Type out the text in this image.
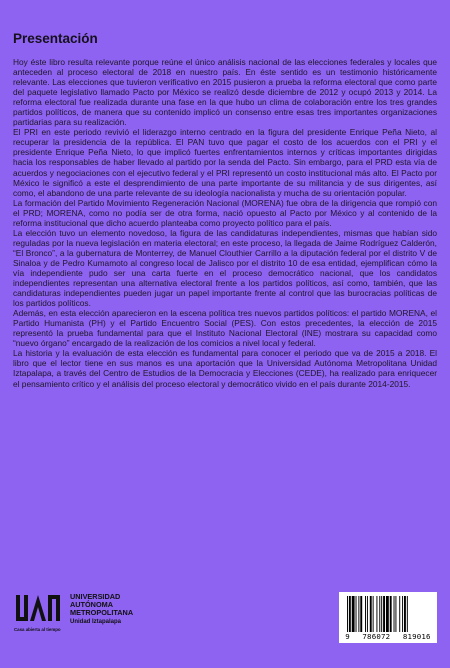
Presentación

Hoy éste libro resulta relevante porque reúne el único análisis nacional de las elecciones federales y locales que anteceden al proceso electoral de 2018 en nuestro país. En éste sentido es un testimonio históricamente relevante. Las elecciones que tuvieron verificativo en 2015 pusieron a prueba la reforma electoral que como parte del paquete legislativo llamado Pacto por México se realizó desde diciembre de 2012 y ocupó 2013 y 2014. La reforma electoral fue realizada durante una fase en la que hubo un clima de colaboración entre los tres grandes partidos políticos, de manera que su contenido implicó un consenso entre esas tres importantes organizaciones partidarias para su realización.

El PRI en este periodo revivió el liderazgo interno centrado en la figura del presidente Enrique Peña Nieto, al recuperar la presidencia de la república. El PAN tuvo que pagar el costo de los acuerdos con el PRI y el presidente Enrique Peña Nieto, lo que implicó fuertes enfrentamientos internos y críticas importantes dirigidas hacia los responsables de haber llevado al partido por la senda del Pacto. Sin embargo, para el PRD esta vía de acuerdos y negociaciones con el ejecutivo federal y el PRI representó un costo institucional más alto. El Pacto por México le significó a este el desprendimiento de una parte importante de su militancia y de sus dirigentes, así como, el abandono de una parte relevante de su ideología nacionalista y mucha de su orientación popular.

La formación del Partido Movimiento Regeneración Nacional (MORENA) fue obra de la dirigencia que rompió con el PRD; MORENA, como no podía ser de otra forma, nació opuesto al Pacto por México y al contenido de la reforma institucional que dicho acuerdo planteaba como proyecto político para el país.

La elección tuvo un elemento novedoso, la figura de las candidaturas independientes, mismas que habían sido reguladas por la nueva legislación en materia electoral; en este proceso, la llegada de Jaime Rodríguez Calderón, “El Bronco”, a la gubernatura de Monterrey, de Manuel Clouthier Carrillo a la diputación federal por el distrito V de Sinaloa y de Pedro Kumamoto al congreso local de Jalisco por el distrito 10 de esa entidad, ejemplifican cómo la vía independiente pudo ser una carta fuerte en el proceso democrático nacional, que los candidatos independientes representan una alternativa electoral frente a los partidos políticos, así como, también, que las candidaturas independientes pueden jugar un papel importante frente al control que las burocracias políticas de los partidos políticos.

Además, en esta elección aparecieron en la escena política tres nuevos partidos políticos: el partido MORENA, el Partido Humanista (PH) y el Partido Encuentro Social (PES). Con estos precedentes, la elección de 2015 representó la prueba fundamental para que el Instituto Nacional Electoral (INE) mostrara su capacidad como “nuevo órgano” encargado de la realización de los comicios a nivel local y federal.

La historia y la evaluación de esta elección es fundamental para conocer el periodo que va de 2015 a 2018. El libro que el lector tiene en sus manos es una aportación que la Universidad Autónoma Metropolitana Unidad Iztapalapa, a través del Centro de Estudios de la Democracia y Elecciones (CEDE), ha realizado para enriquecer el pensamiento crítico y el análisis del proceso electoral y democrático vivido en el país durante 2014-2015.

Casa abierta al tiempo
UNIVERSIDAD
AUTÓNOMA
METROPOLITANA
Unidad Iztapalapa
9 786072 819016
